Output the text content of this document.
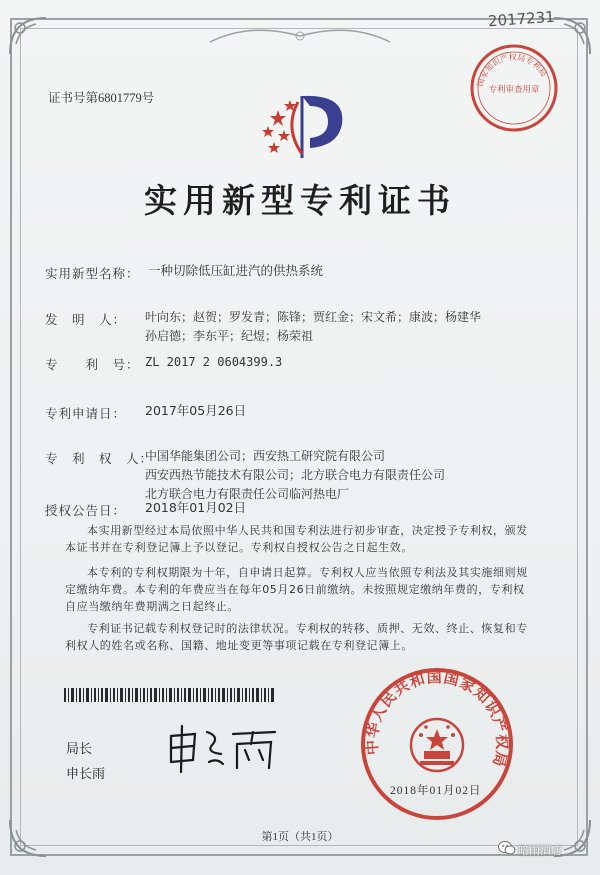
2017231
证书号第6801779号
国家知识产权局专利局
专利审查用章
实用新型专利证书
实用新型名称： 一种切除低压缸进汽的供热系统
发　明　人： 叶向东；赵贺；罗发青；陈锋；贾红金；宋文希；康波；杨建华
孙启德；李东平；纪煜；杨荣祖
专　　利　号： ZL 2017 2 0604399.3
专利申请日： 2017年05月26日
专　利　权　人：
中国华能集团公司；西安热工研究院有限公司
西安西热节能技术有限公司；北方联合电力有限责任公司
北方联合电力有限责任公司临河热电厂
授权公告日： 2018年01月02日
本实用新型经过本局依照中华人民共和国专利法进行初步审查，决定授予专利权，颁发本证书并在专利登记簿上予以登记。专利权自授权公告之日起生效。
本专利的专利权期限为十年，自申请日起算。专利权人应当依照专利法及其实施细则规定缴纳年费。本专利的年费应当在每年05月26日前缴纳。未按照规定缴纳年费的，专利权自应当缴纳年费期满之日起终止。
专利证书记载专利权登记时的法律状况。专利权的转移、质押、无效、终止、恢复和专利权人的姓名或名称、国籍、地址变更等事项记载在专利登记簿上。
局长
申长雨
中华人民共和国国家知识产权局
2018年01月02日
第1页（共1页）
暗雨酒店
